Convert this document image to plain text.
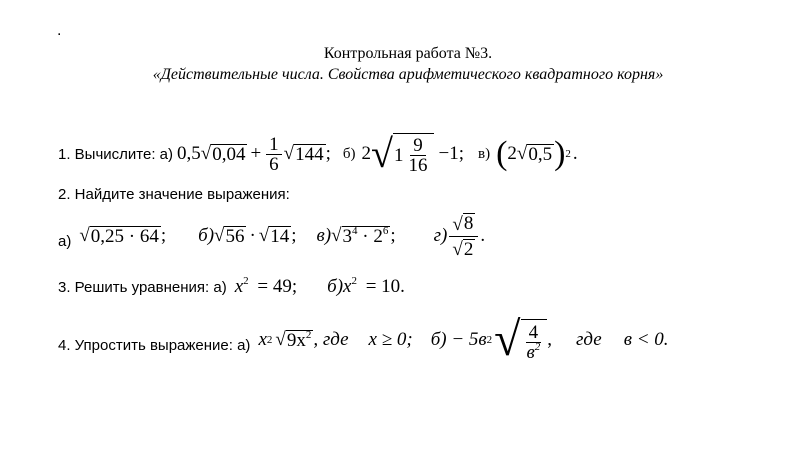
.
Контрольная работа №3.
«Действительные числа. Свойства арифметического квадратного корня»
1. Вычислите: а) 0,5 √ $0,04 + \frac{1}{6}$ √ 144 ; б) 2 √ $1 \frac{9}{16} -1$; в) ( 2 √ 0,5 ) 2 .
2. Найдите значение выражения:
а) √ 0,25 · 64 ; б) √ 56 · √ 14 ; в) √ $3^4 \cdot 2^6$ ; $г) \frac{√ 8}{√ 2}$ .
3. Решить уравнения: а) $x^2 = 49$; б) $x^2 = 10$.
4. Упростить выражение: а) x 2 √ $9x^2$ , где x ≥ 0; б) − 5в 2 √ $\frac{4}{в^2}$ , где в < 0.
